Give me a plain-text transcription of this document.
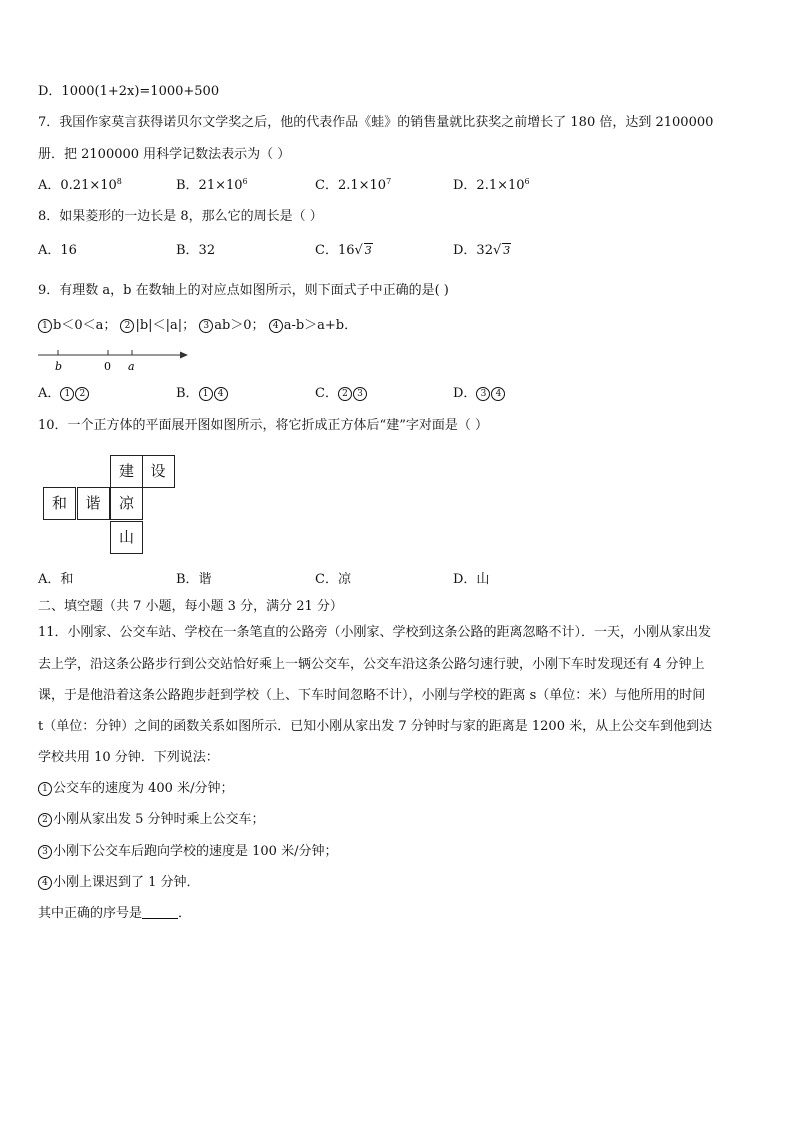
D．1000(1+2x)=1000+500
7．我国作家莫言获得诺贝尔文学奖之后，他的代表作品《蛙》的销售量就比获奖之前增长了 180 倍，达到 2100000
册．把 2100000 用科学记数法表示为（ ）
A．$0.21\times 10^8$	B．$21\times 10^6$	C．$2.1\times 10^7$	D．$2.1\times 10^6$
8．如果菱形的一边长是 8，那么它的周长是（ ）
A．16	B．32	C．16√ 3	D．32√ 3
9．有理数 a，b 在数轴上的对应点如图所示，则下面式子中正确的是( )
1 b＜0＜a； 2 |b|＜|a|； 3 ab＞0； 4 a-b＞a+b．
b	0 a
A． 1 2	B． 1 4	C． 2 3	D． 3 4
10．一个正方体的平面展开图如图所示，将它折成正方体后“建”字对面是（ ）
建	设
和	谐	凉
山
A．和	B．谐	C．凉	D．山
二、填空题（共 7 小题，每小题 3 分，满分 21 分）
11．小刚家、公交车站、学校在一条笔直的公路旁（小刚家、学校到这条公路的距离忽略不计）．一天，小刚从家出发
去上学，沿这条公路步行到公交站恰好乘上一辆公交车，公交车沿这条公路匀速行驶，小刚下车时发现还有 4 分钟上
课，于是他沿着这条公路跑步赶到学校（上、下车时间忽略不计），小刚与学校的距离 s（单位：米）与他所用的时间
t（单位：分钟）之间的函数关系如图所示．已知小刚从家出发 7 分钟时与家的距离是 1200 米，从上公交车到他到达
学校共用 10 分钟．下列说法：
1 公交车的速度为 400 米/分钟；
2 小刚从家出发 5 分钟时乘上公交车；
3 小刚下公交车后跑向学校的速度是 100 米/分钟；
4 小刚上课迟到了 1 分钟．
其中正确的序号是	．
